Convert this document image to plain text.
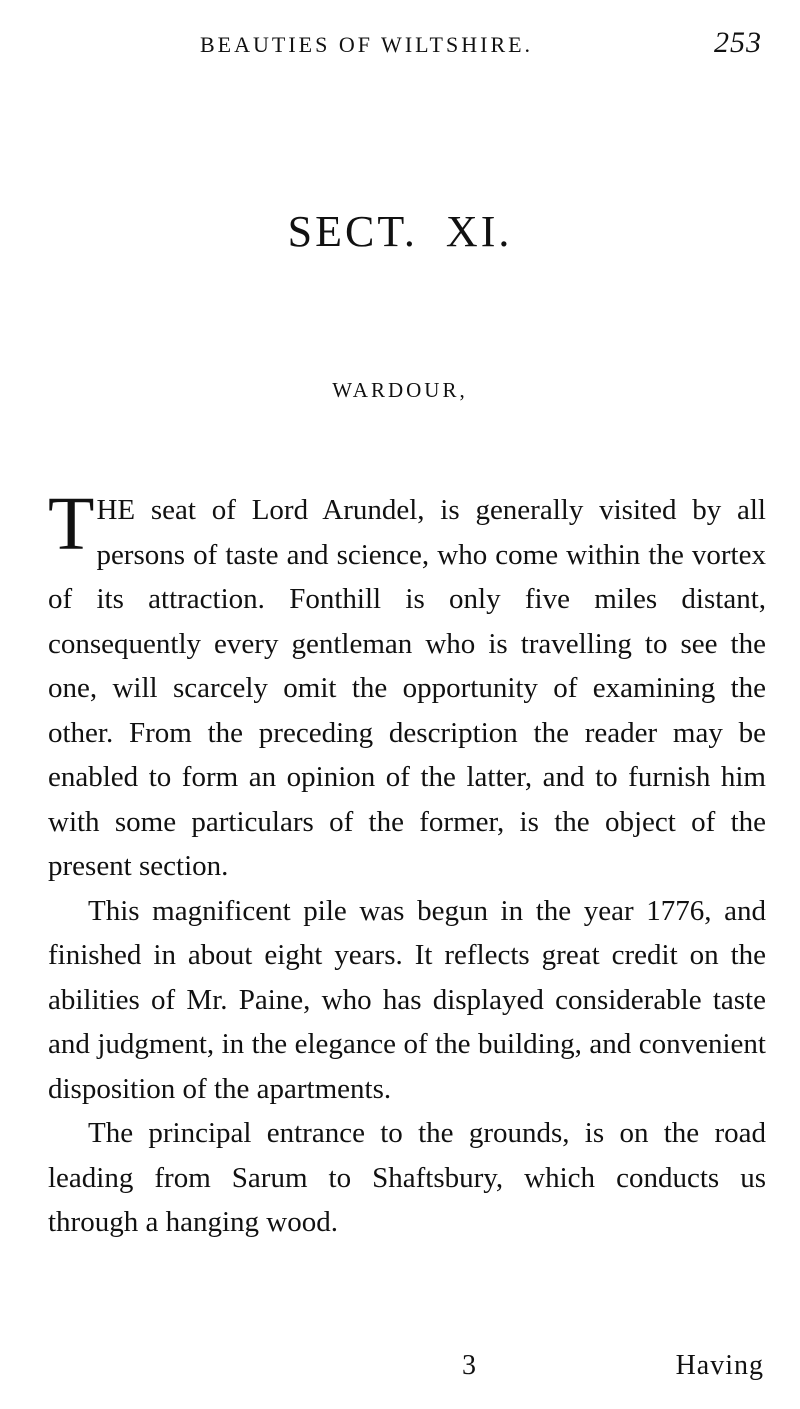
BEAUTIES OF WILTSHIRE.	253
SECT. XI.
WARDOUR,

THE seat of Lord Arundel, is generally visited by all persons of taste and science, who come within the vortex of its attraction. Fonthill is only five miles distant, consequently every gentleman who is travelling to see the one, will scarcely omit the opportunity of examining the other. From the preceding description the reader may be enabled to form an opinion of the latter, and to furnish him with some particulars of the former, is the object of the present section.

This magnificent pile was begun in the year 1776, and finished in about eight years. It reflects great credit on the abilities of Mr. Paine, who has displayed considerable taste and judgment, in the elegance of the building, and convenient disposition of the apartments.

The principal entrance to the grounds, is on the road leading from Sarum to Shaftsbury, which conducts us through a hanging wood.

3	Having
